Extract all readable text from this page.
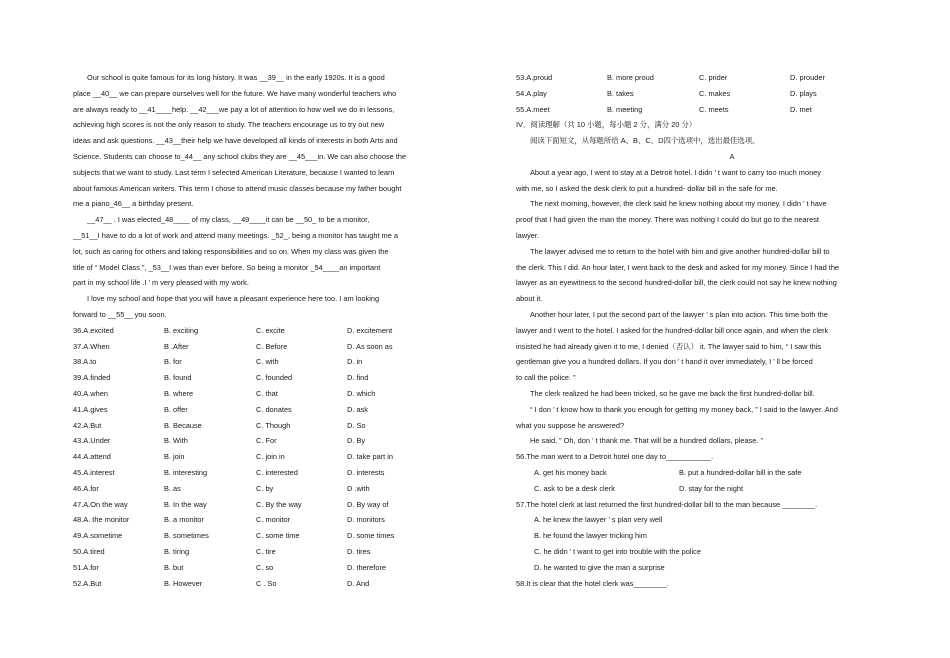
Our school is quite famous for its long history. It was __39__ in the early 1920s. It is a good
place __40__ we can prepare ourselves well for the future. We have many wonderful teachers who
are always ready to __41____help. __42___we pay a lot of attention to how well we do in lessons,
achieving high scores is not the only reason to study. The teachers encourage us to try out new
ideas and ask questions. __43__their help we have developed all kinds of interests in both Arts and
Science. Students can choose to_44__ any school clubs they are __45___in. We can also choose the
subjects that we want to study. Last term I selected American Literature, because I wanted to learn
about famous American writers. This term I chose to attend music classes because my father bought
me a piano_46__ a birthday present.
__47__ . I was elected_48____ of my class, __49____it can be __50_ to be a monitor,
__51__I have to do a lot of work and attend many meetings. _52_, being a monitor has taught me a
lot, such as caring for others and taking responsibilities and so on. When my class was given the
title of “ Model Class ”, _53__I was than ever before. So being a monitor _54____an important
part in my school life .I ’ m very pleased with my work.
I love my school and hope that you will have a pleasant experience here too. I am looking
forward to __55__ you soon.
36.A.excited	B. exciting	C. excite	D. excitement
37.A.When	B .After	C. Before	D. As soon as
38.A.to	B. for	C. with	D. in
39.A.finded	B. found	C. founded	D. find
40.A.when	B. where	C. that	D. which
41.A.gives	B. offer	C. donates	D. ask
42.A.But	B. Because	C. Though	D. So
43.A.Under	B. With	C. For	D. By
44.A.attend	B. join	C. join in	D. take part in
45.A.interest	B. interesting	C. interested	D. interests
46.A.for	B. as	C. by	D .with
47.A.On the way	B. In the way	C. By the way	D. By way of
48.A. the monitor	B. a monitor	C. monitor	D. monitors
49.A.sometime	B. sometimes	C. some time	D. some times
50.A.tired	B. tiring	C. tire	D. tires
51.A.for	B. but	C. so	D. therefore
52.A.But	B. However	C . So	D. And
53.A.proud	B. more proud	C. prider	D. prouder
54.A.play	B. takes	C. makes	D. plays
55.A.meet	B. meeting	C. meets	D. met
IV．阅读理解（共 10 小题，每小题 2 分，满分 20 分）
阅读下面短文，从每题所给 A、B、C、D四个选项中，选出最佳选项。
A
About a year ago, I went to stay at a Detroit hotel. I didn ’ t want to carry too much money
with me, so I asked the desk clerk to put a hundred- dollar bill in the safe for me.
The next morning, however, the clerk said he knew nothing about my money. I didn ’ t have
proof that I had given the man the money. There was nothing I could do but go to the nearest
lawyer.
The lawyer advised me to return to the hotel with him and give another hundred-dollar bill to
the clerk. This I did. An hour later, I went back to the desk and asked for my money. Since I had the
lawyer as an eyewitness to the second hundred-dollar bill, the clerk could not say he knew nothing
about it.
Another hour later, I put the second part of the lawyer ’ s plan into action. This time both the
lawyer and I went to the hotel. I asked for the hundred-dollar bill once again, and when the clerk
insisted he had already given it to me, I denied（否认） it. The lawyer said to him, “ I saw this
gentleman give you a hundred dollars. If you don ’ t hand it over immediately, I ’ ll be forced
to call the police. ”
The clerk realized he had been tricked, so he gave me back the first hundred-dollar bill.
“ I don ’ t know how to thank you enough for getting my money back, ” I said to the lawyer. And
what you suppose he answered?
He said, ” Oh, don ’ t thank me. That will be a hundred dollars, please. ”
56.The man went to a Detroit hotel one day to___________.
A. get his money back	B. put a hundred-dollar bill in the safe
C. ask to be a desk clerk	D. stay for the night
57.The hotel clerk at last returned the first hundred-dollar bill to the man because ________.
A. he knew the lawyer ’ s plan very well
B. he found the lawyer tricking him
C. he didn ’ t want to get into trouble with the police
D. he wanted to give the man a surprise
58.It is clear that the hotel clerk was________.
